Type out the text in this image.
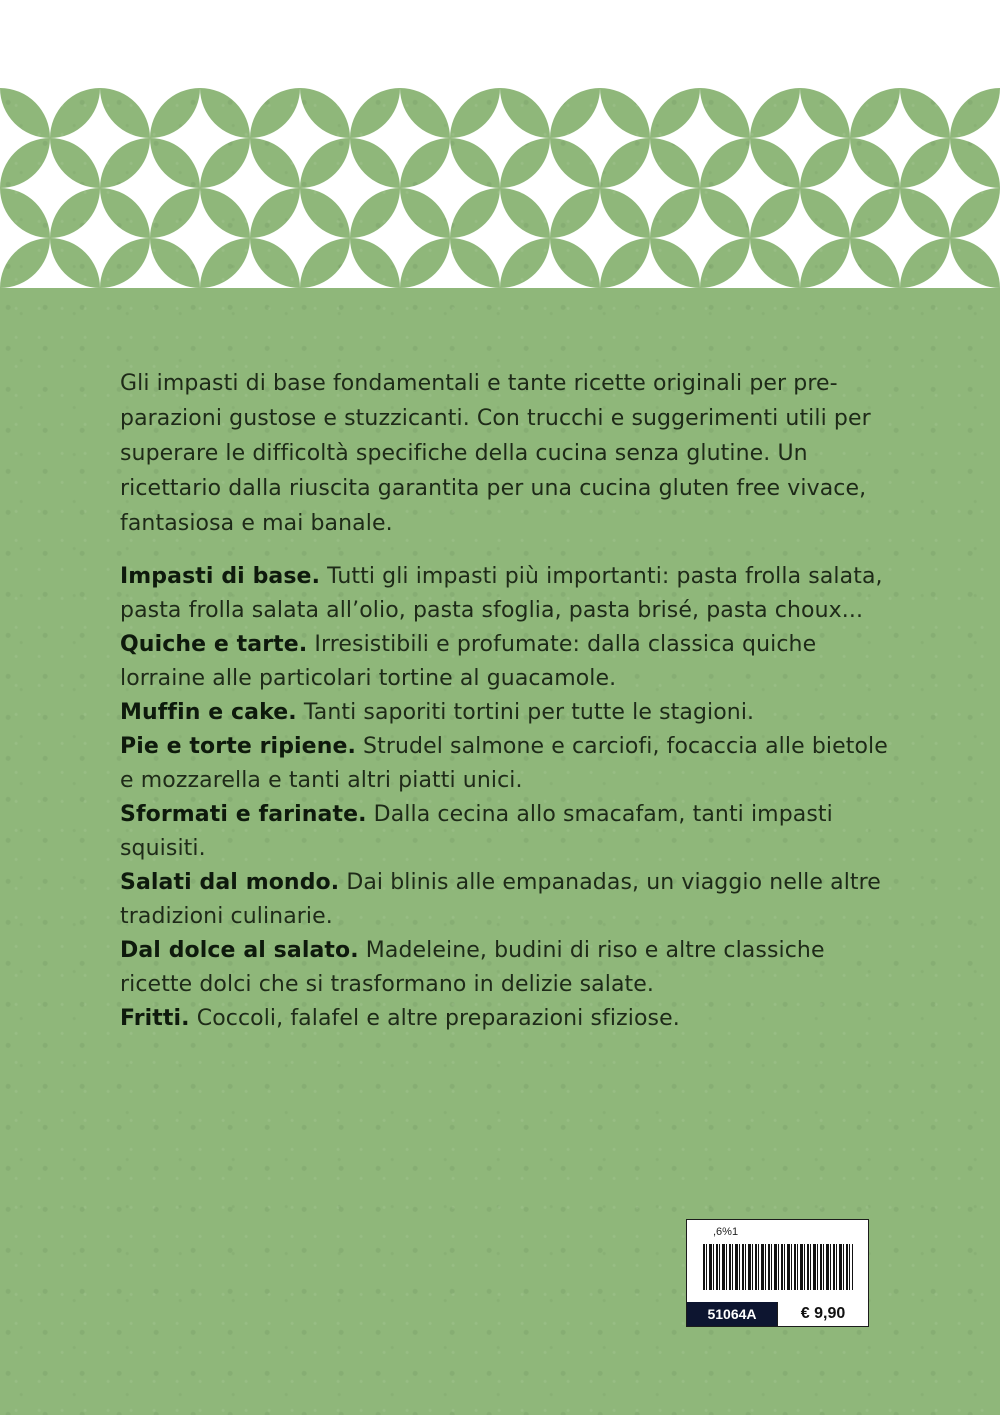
Gli impasti di base fondamentali e tante ricette originali per pre-parazioni gustose e stuzzicanti. Con trucchi e suggerimenti utili per superare le difficoltà specifiche della cucina senza glutine. Un ricettario dalla riuscita garantita per una cucina gluten free vivace, fantasiosa e mai banale.

Impasti di base. Tutti gli impasti più importanti: pasta frolla salata, pasta frolla salata all’olio, pasta sfoglia, pasta brisé, pasta choux...
Quiche e tarte. Irresistibili e profumate: dalla classica quiche lorraine alle particolari tortine al guacamole.
Muffin e cake. Tanti saporiti tortini per tutte le stagioni.
Pie e torte ripiene. Strudel salmone e carciofi, focaccia alle bietole e mozzarella e tanti altri piatti unici.
Sformati e farinate. Dalla cecina allo smacafam, tanti impasti squisiti.
Salati dal mondo. Dai blinis alle empanadas, un viaggio nelle altre tradizioni culinarie.
Dal dolce al salato. Madeleine, budini di riso e altre classiche ricette dolci che si trasformano in delizie salate.
Fritti. Coccoli, falafel e altre preparazioni sfiziose.
,6%1
51064A	€ 9,90
